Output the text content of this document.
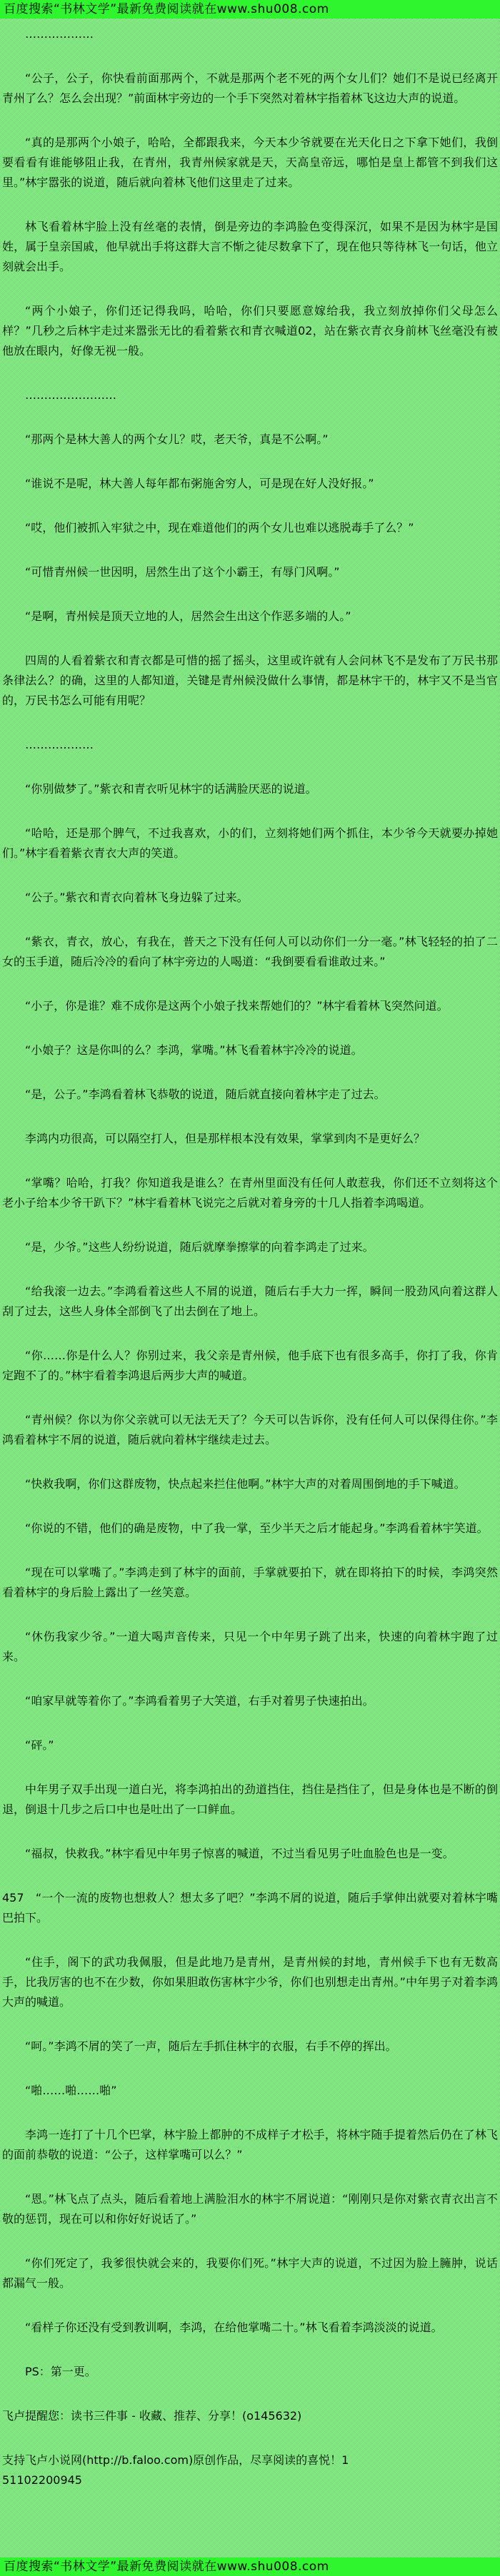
百度搜索“书林文学”最新免费阅读就在www.shu008.com

………………

“公子，公子，你快看前面那两个，不就是那两个老不死的两个女儿们？她们不是说已经离开青州了么？怎么会出现？”前面林宇旁边的一个手下突然对着林宇指着林飞这边大声的说道。

“真的是那两个小娘子，哈哈，全都跟我来，今天本少爷就要在光天化日之下拿下她们，我倒要看看有谁能够阻止我，在青州，我青州候家就是天，天高皇帝远，哪怕是皇上都管不到我们这里。”林宇嚣张的说道，随后就向着林飞他们这里走了过来。

林飞看着林宇脸上没有丝毫的表情，倒是旁边的李鸿脸色变得深沉，如果不是因为林宇是国姓，属于皇亲国戚，他早就出手将这群大言不惭之徒尽数拿下了，现在他只等待林飞一句话，他立刻就会出手。

“两个小娘子，你们还记得我吗，哈哈，你们只要愿意嫁给我，我立刻放掉你们父母怎么样？”几秒之后林宇走过来嚣张无比的看着紫衣和青衣喊道02，站在紫衣青衣身前林飞丝毫没有被他放在眼内，好像无视一般。

……………………

“那两个是林大善人的两个女儿？哎，老天爷，真是不公啊。”

“谁说不是呢，林大善人每年都布粥施舍穷人，可是现在好人没好报。”

“哎，他们被抓入牢狱之中，现在难道他们的两个女儿也难以逃脱毒手了么？”

“可惜青州候一世因明，居然生出了这个小霸王，有辱门风啊。”

“是啊，青州候是顶天立地的人，居然会生出这个作恶多端的人。”

四周的人看着紫衣和青衣都是可惜的摇了摇头，这里或许就有人会问林飞不是发布了万民书那条律法么？的确，这里的人都知道，关键是青州候没做什么事情，都是林宇干的，林宇又不是当官的，万民书怎么可能有用呢？

………………

“你别做梦了。”紫衣和青衣听见林宇的话满脸厌恶的说道。

“哈哈，还是那个脾气，不过我喜欢，小的们，立刻将她们两个抓住，本少爷今天就要办掉她们。”林宇看着紫衣青衣大声的笑道。

“公子。”紫衣和青衣向着林飞身边躲了过来。

“紫衣，青衣，放心，有我在，普天之下没有任何人可以动你们一分一毫。”林飞轻轻的拍了二女的玉手道，随后冷冷的看向了林宇旁边的人喝道：“我倒要看看谁敢过来。”

“小子，你是谁？难不成你是这两个小娘子找来帮她们的？”林宇看着林飞突然问道。

“小娘子？这是你叫的么？李鸿，掌嘴。”林飞看着林宇冷冷的说道。

“是，公子。”李鸿看着林飞恭敬的说道，随后就直接向着林宇走了过去。

李鸿内功很高，可以隔空打人，但是那样根本没有效果，掌掌到肉不是更好么？

“掌嘴？哈哈，打我？你知道我是谁么？在青州里面没有任何人敢惹我，你们还不立刻将这个老小子给本少爷干趴下？”林宇看着林飞说完之后就对着身旁的十几人指着李鸿喝道。

“是，少爷。”这些人纷纷说道，随后就摩拳擦掌的向着李鸿走了过来。

“给我滚一边去。”李鸿看着这些人不屑的说道，随后右手大力一挥，瞬间一股劲风向着这群人刮了过去，这些人身体全部倒飞了出去倒在了地上。

“你……你是什么人？你别过来，我父亲是青州候，他手底下也有很多高手，你打了我，你肯定跑不了的。”林宇看着李鸿退后两步大声的喊道。

“青州候？你以为你父亲就可以无法无天了？今天可以告诉你，没有任何人可以保得住你。”李鸿看着林宇不屑的说道，随后就向着林宇继续走过去。

“快救我啊，你们这群废物，快点起来拦住他啊。”林宇大声的对着周围倒地的手下喊道。

“你说的不错，他们的确是废物，中了我一掌，至少半天之后才能起身。”李鸿看着林宇笑道。

“现在可以掌嘴了。”李鸿走到了林宇的面前，手掌就要拍下，就在即将拍下的时候，李鸿突然看着林宇的身后脸上露出了一丝笑意。

“休伤我家少爷。”一道大喝声音传来，只见一个中年男子跳了出来，快速的向着林宇跑了过来。

“咱家早就等着你了。”李鸿看着男子大笑道，右手对着男子快速拍出。

“砰。”

中年男子双手出现一道白光，将李鸿拍出的劲道挡住，挡住是挡住了，但是身体也是不断的倒退，倒退十几步之后口中也是吐出了一口鲜血。

“福叔，快救我。”林宇看见中年男子惊喜的喊道，不过当看见男子吐血脸色也是一变。

457　“一个一流的废物也想救人？想太多了吧？”李鸿不屑的说道，随后手掌伸出就要对着林宇嘴巴拍下。

“住手，阁下的武功我佩服，但是此地乃是青州，是青州候的封地，青州候手下也有无数高手，比我厉害的也不在少数，你如果胆敢伤害林宇少爷，你们也别想走出青州。”中年男子对着李鸿大声的喊道。

“呵。”李鸿不屑的笑了一声，随后左手抓住林宇的衣服，右手不停的挥出。

“啪……啪……啪”

李鸿一连打了十几个巴掌，林宇脸上都肿的不成样子才松手，将林宇随手提着然后仍在了林飞的面前恭敬的说道：“公子，这样掌嘴可以么？”

“恩。”林飞点了点头，随后看着地上满脸泪水的林宇不屑说道：“刚刚只是你对紫衣青衣出言不敬的惩罚，现在可以和你好好说话了。”

“你们死定了，我爹很快就会来的，我要你们死。”林宇大声的说道，不过因为脸上臃肿，说话都漏气一般。

“看样子你还没有受到教训啊，李鸿，在给他掌嘴二十。”林飞看着李鸿淡淡的说道。

PS：第一更。

飞卢提醒您：读书三件事 - 收藏、推荐、分享！(o145632)

支持飞卢小说网(http://b.faloo.com)原创作品，尽享阅读的喜悦！1

51102200945

百度搜索“书林文学”最新免费阅读就在www.shu008.com
